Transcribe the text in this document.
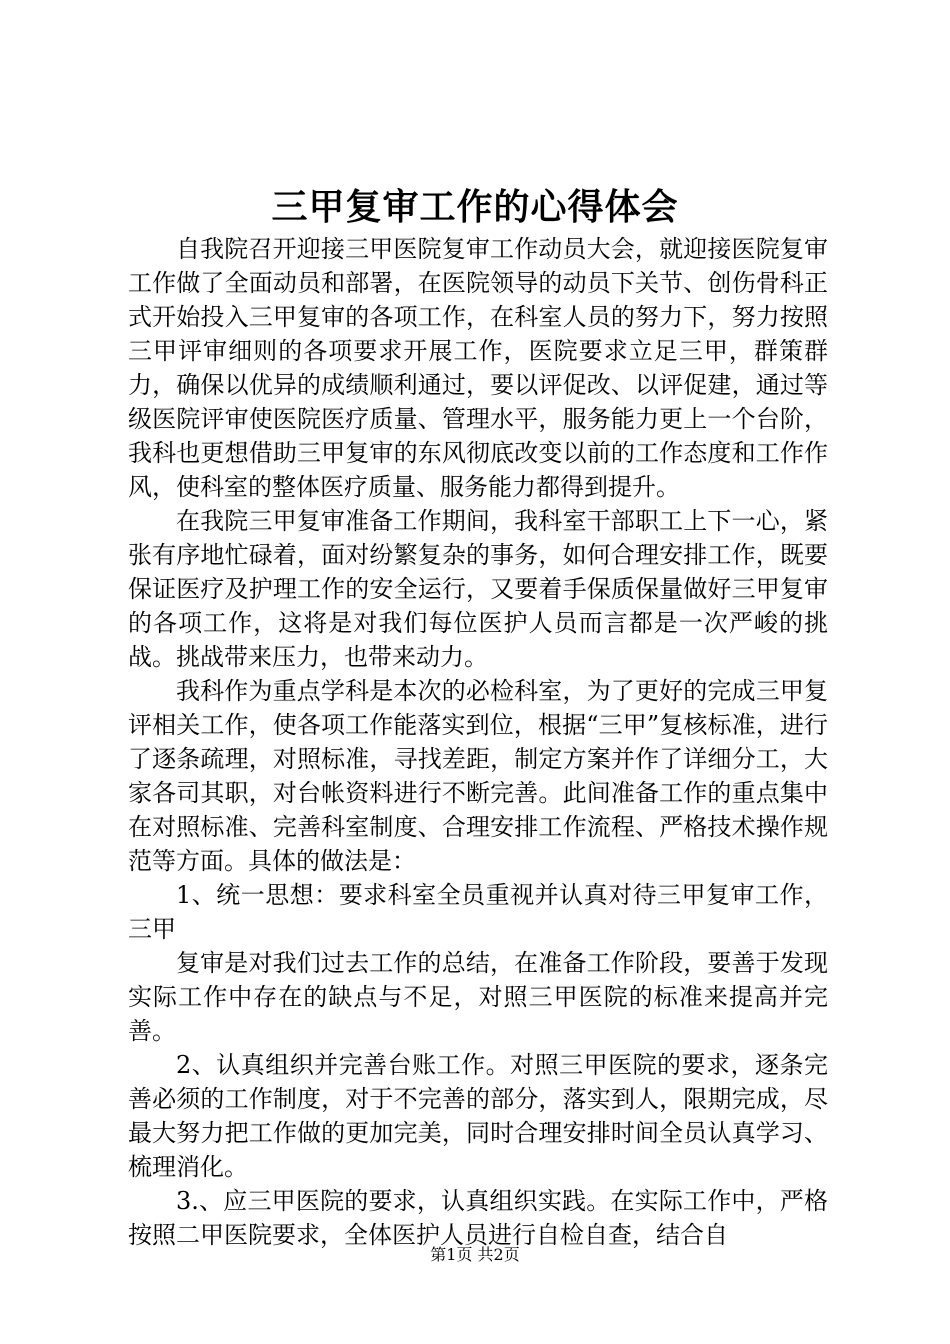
三甲复审工作的心得体会

自我院召开迎接三甲医院复审工作动员大会，就迎接医院复审工作做了全面动员和部署，在医院领导的动员下关节、创伤骨科正式开始投入三甲复审的各项工作，在科室人员的努力下，努力按照三甲评审细则的各项要求开展工作，医院要求立足三甲，群策群力，确保以优异的成绩顺利通过，要以评促改、以评促建，通过等级医院评审使医院医疗质量、管理水平，服务能力更上一个台阶，我科也更想借助三甲复审的东风彻底改变以前的工作态度和工作作风，使科室的整体医疗质量、服务能力都得到提升。

在我院三甲复审准备工作期间，我科室干部职工上下一心，紧张有序地忙碌着，面对纷繁复杂的事务，如何合理安排工作，既要保证医疗及护理工作的安全运行，又要着手保质保量做好三甲复审的各项工作，这将是对我们每位医护人员而言都是一次严峻的挑战。挑战带来压力，也带来动力。

我科作为重点学科是本次的必检科室，为了更好的完成三甲复评相关工作，使各项工作能落实到位，根据“三甲”复核标准，进行了逐条疏理，对照标准，寻找差距，制定方案并作了详细分工，大家各司其职，对台帐资料进行不断完善。此间准备工作的重点集中在对照标准、完善科室制度、合理安排工作流程、严格技术操作规范等方面。具体的做法是：

1、统一思想：要求科室全员重视并认真对待三甲复审工作，三甲

复审是对我们过去工作的总结，在准备工作阶段，要善于发现实际工作中存在的缺点与不足，对照三甲医院的标准来提高并完善。

2、认真组织并完善台账工作。对照三甲医院的要求，逐条完善必须的工作制度，对于不完善的部分，落实到人，限期完成，尽最大努力把工作做的更加完美，同时合理安排时间全员认真学习、梳理消化。

3.、应三甲医院的要求，认真组织实践。在实际工作中，严格按照二甲医院要求，全体医护人员进行自检自查，结合自

第1页 共2页
